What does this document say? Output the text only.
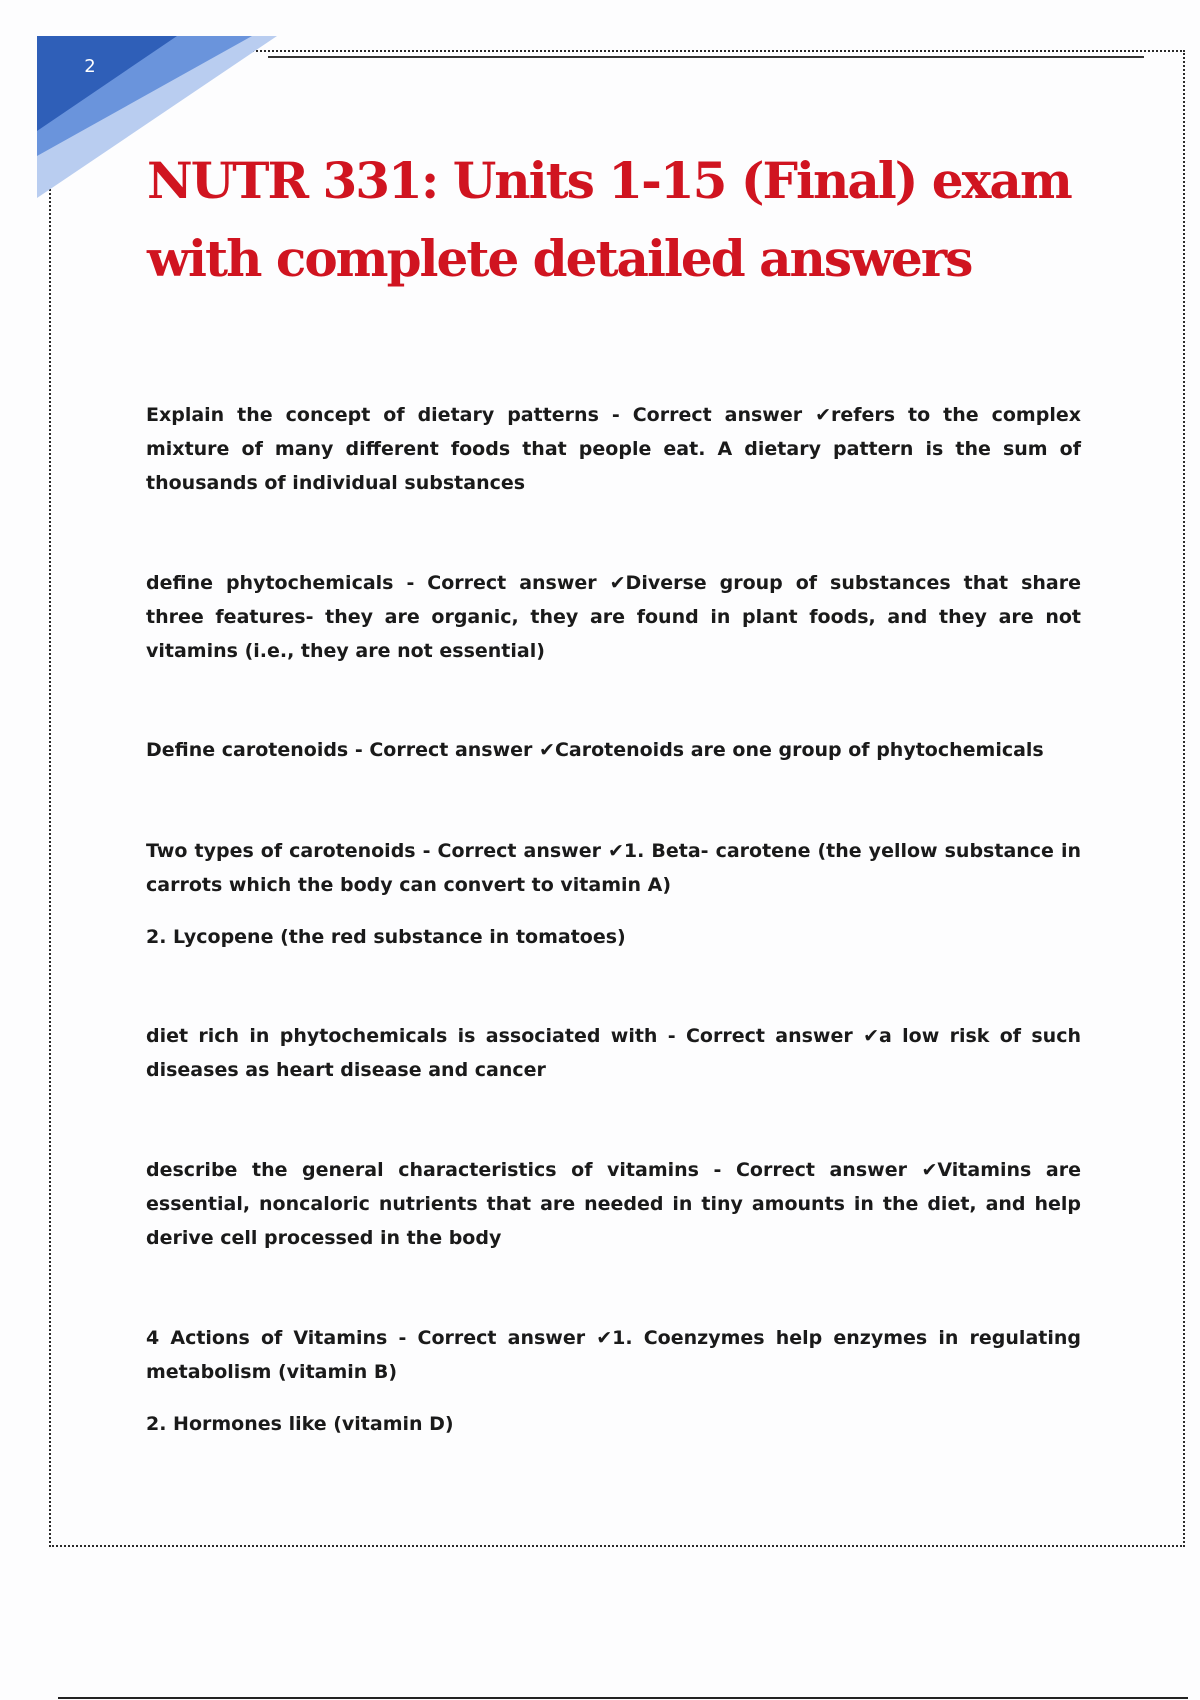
2
NUTR 331: Units 1-15 (Final) exam with complete detailed answers

Explain the concept of dietary patterns - Correct answer ✔refers to the complex mixture of many different foods that people eat. A dietary pattern is the sum of thousands of individual substances

define phytochemicals - Correct answer ✔Diverse group of substances that share three features- they are organic, they are found in plant foods, and they are not vitamins (i.e., they are not essential)

Define carotenoids - Correct answer ✔Carotenoids are one group of phytochemicals

Two types of carotenoids - Correct answer ✔1. Beta- carotene (the yellow substance in carrots which the body can convert to vitamin A)

2. Lycopene (the red substance in tomatoes)

diet rich in phytochemicals is associated with - Correct answer ✔a low risk of such diseases as heart disease and cancer

describe the general characteristics of vitamins - Correct answer ✔Vitamins are essential, noncaloric nutrients that are needed in tiny amounts in the diet, and help derive cell processed in the body

4 Actions of Vitamins - Correct answer ✔1. Coenzymes help enzymes in regulating metabolism (vitamin B)

2. Hormones like (vitamin D)
